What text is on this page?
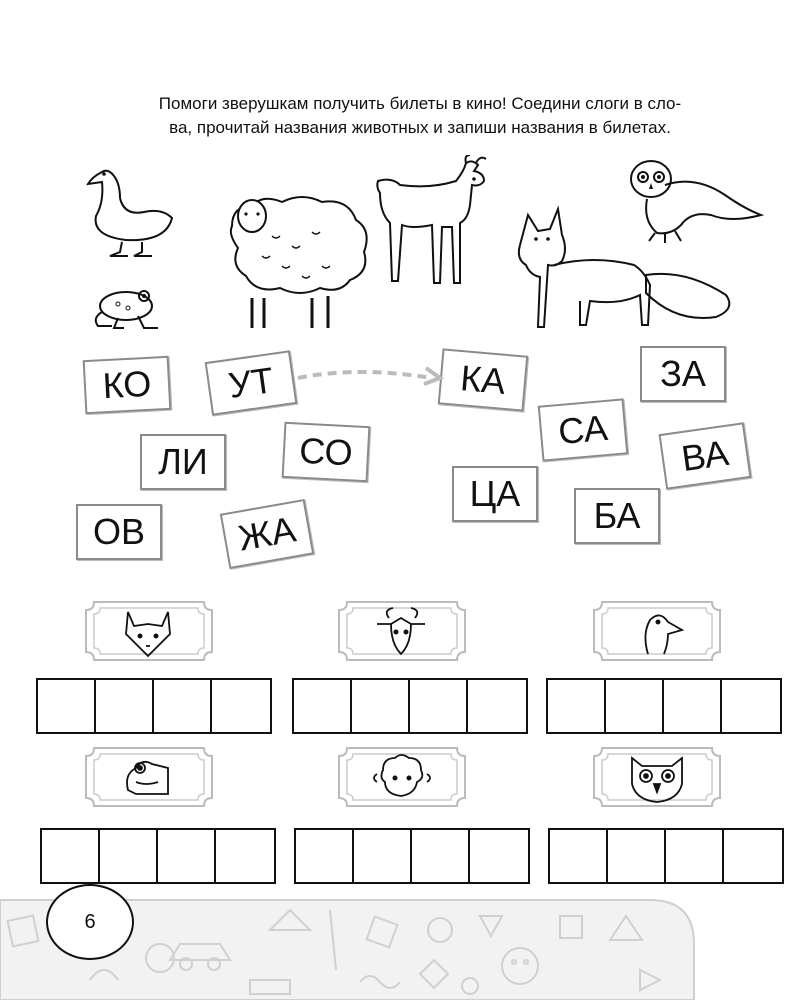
Помоги зверушкам получить билеты в кино! Соедини слоги в сло-
ва, прочитай названия животных и запиши названия в билетах.
КО УТ	КА	ЗА
ЛИ	СО	СА
ВА
ОВ	ЖА
ЦА
БА
6
